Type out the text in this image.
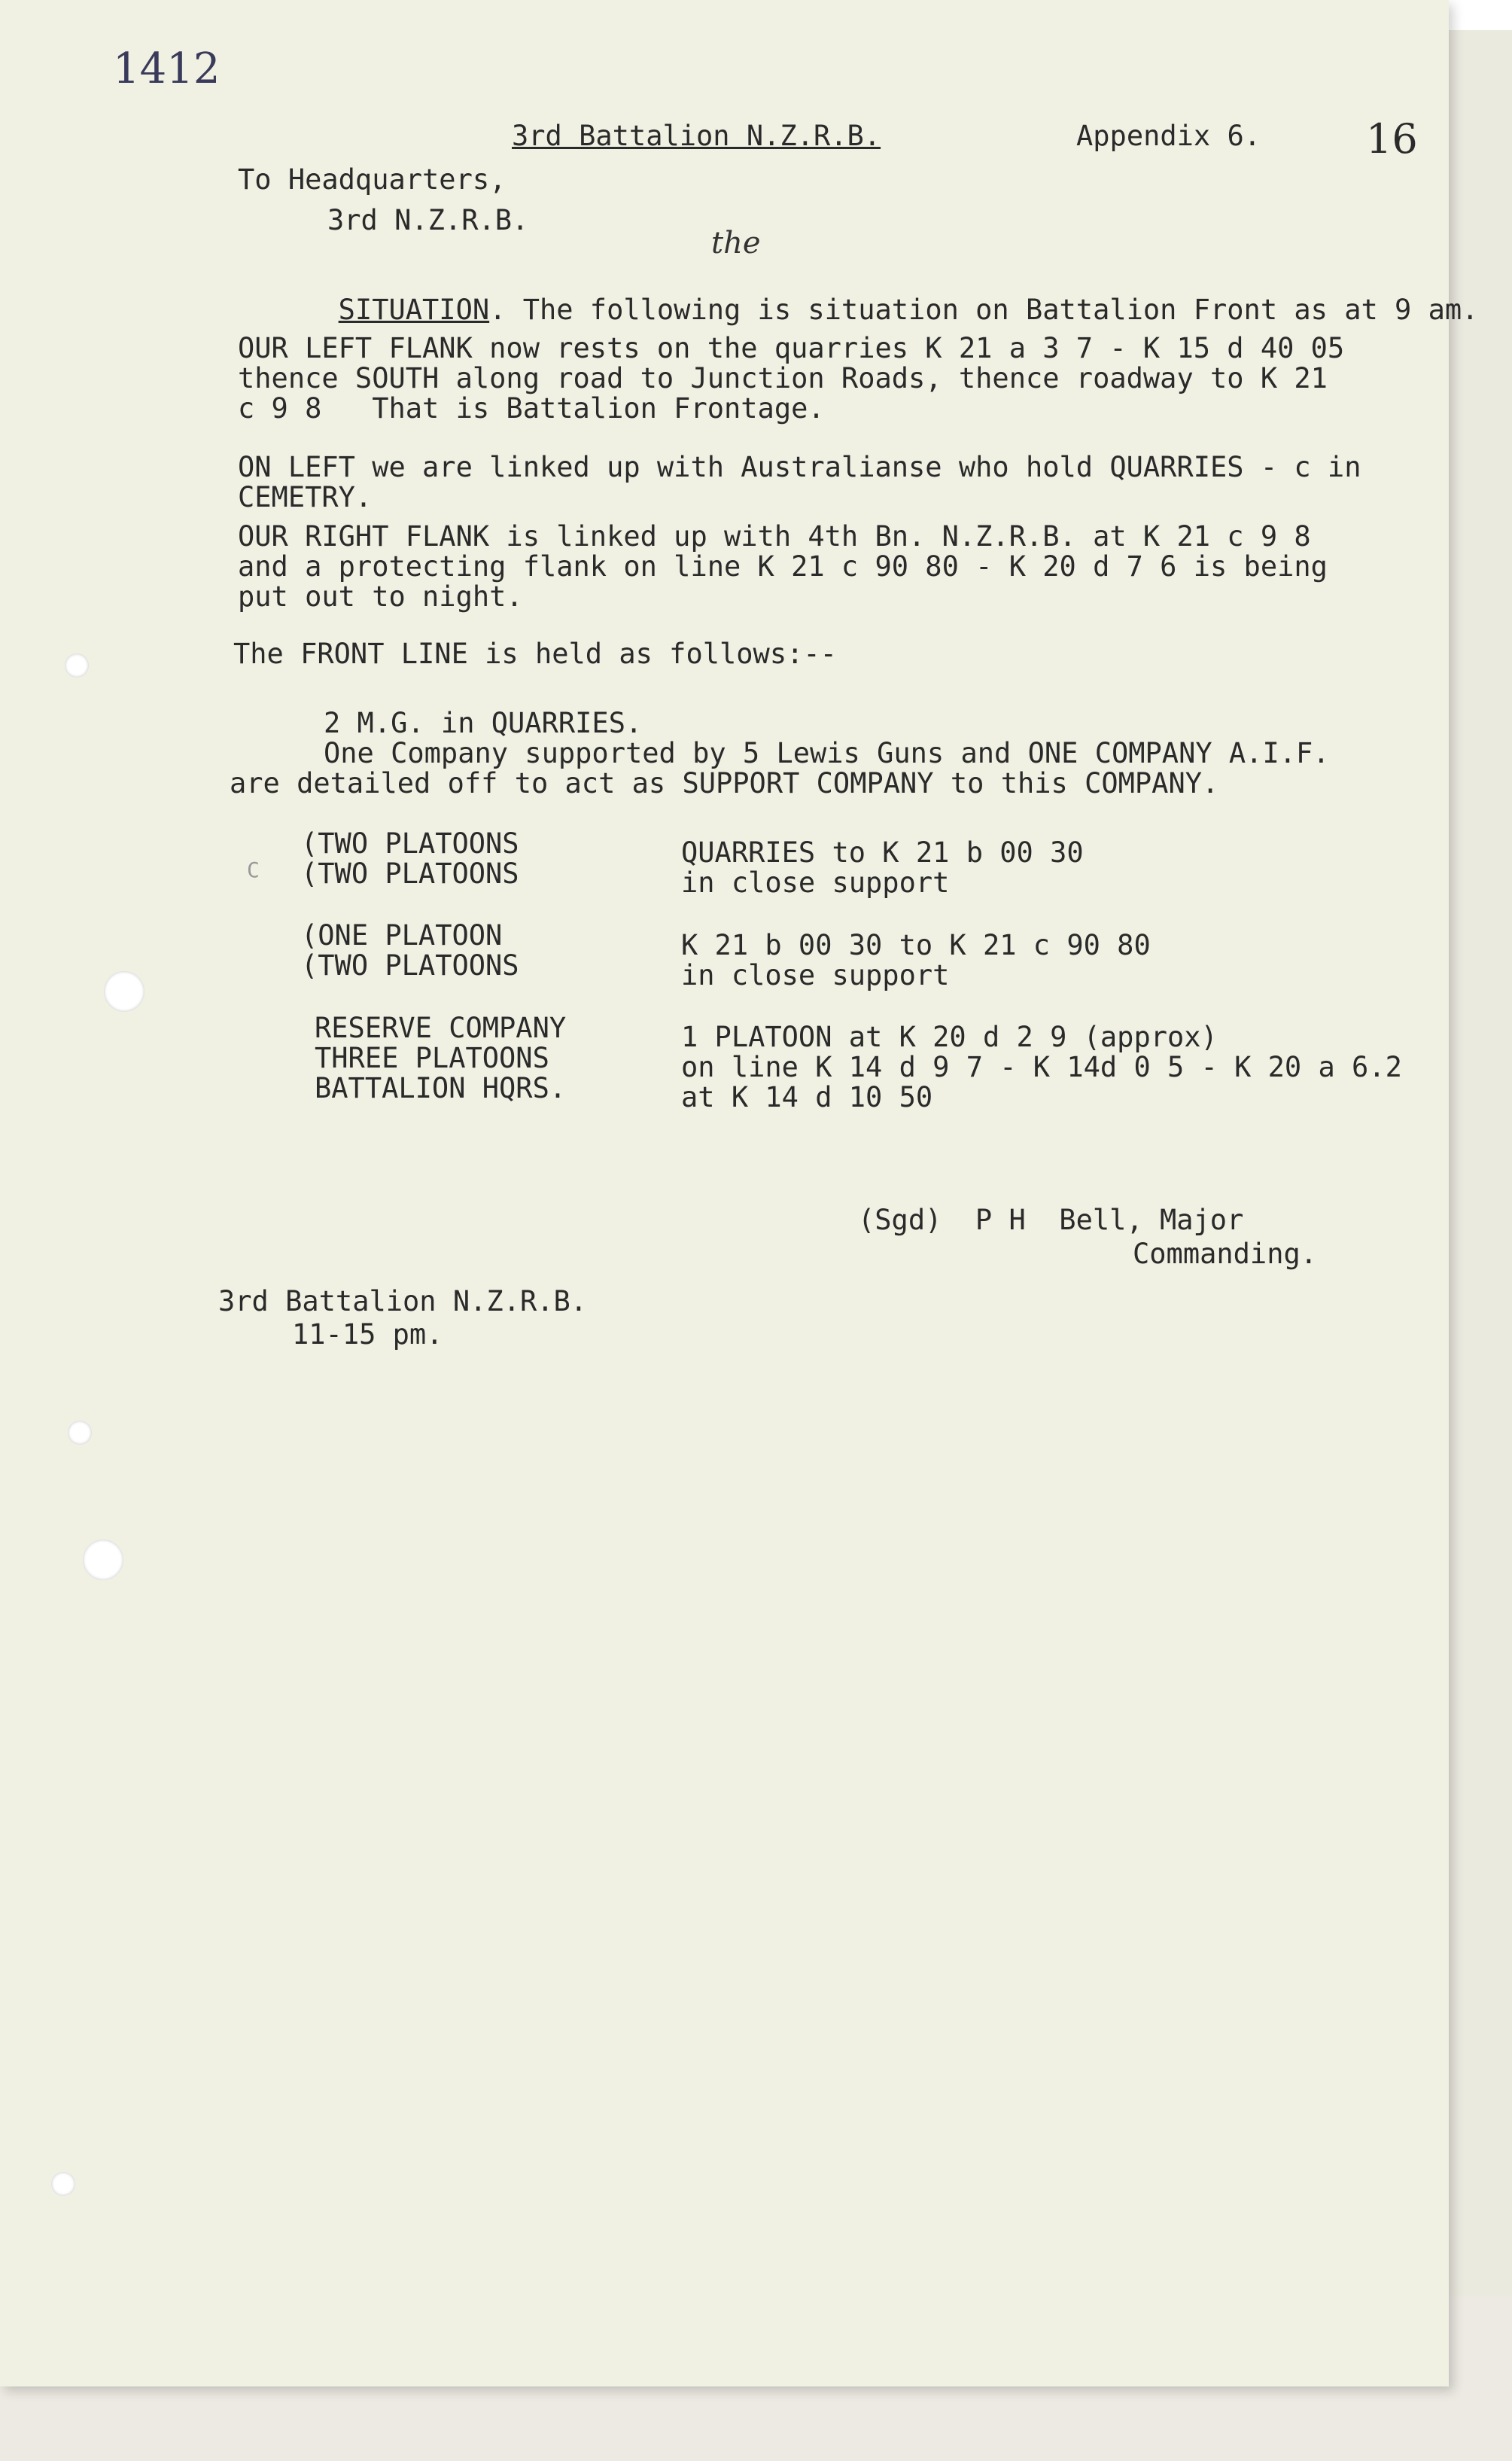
1412
3rd Battalion N.Z.R.B.	Appendix 6.	16
To Headquarters,
3rd N.Z.R.B.
the

SITUATION. The following is situation on Battalion Front as at 9 am.

OUR LEFT FLANK now rests on the quarries K 21 a 3 7 - K 15 d 40 05
thence SOUTH along road to Junction Roads, thence roadway to K 21
c 9 8   That is Battalion Frontage.
ON LEFT we are linked up with Australianse who hold QUARRIES - c in
CEMETRY.
OUR RIGHT FLANK is linked up with 4th Bn. N.Z.R.B. at K 21 c 9 8
and a protecting flank on line K 21 c 90 80 - K 20 d 7 6 is being
put out to night.
The FRONT LINE is held as follows:--
2 M.G. in QUARRIES.
One Company supported by 5 Lewis Guns and ONE COMPANY A.I.F.
are detailed off to act as SUPPORT COMPANY to this COMPANY.
C
(TWO PLATOONS
(TWO PLATOONS
QUARRIES to K 21 b 00 30
in close support
(ONE PLATOON
(TWO PLATOONS
K 21 b 00 30 to K 21 c 90 80
in close support
RESERVE COMPANY
THREE PLATOONS
BATTALION HQRS.
1 PLATOON at K 20 d 2 9 (approx)
on line K 14 d 9 7 - K 14d 0 5 - K 20 a 6.2
at K 14 d 10 50
(Sgd)  P H  Bell, Major
Commanding.
3rd Battalion N.Z.R.B.
11-15 pm.
